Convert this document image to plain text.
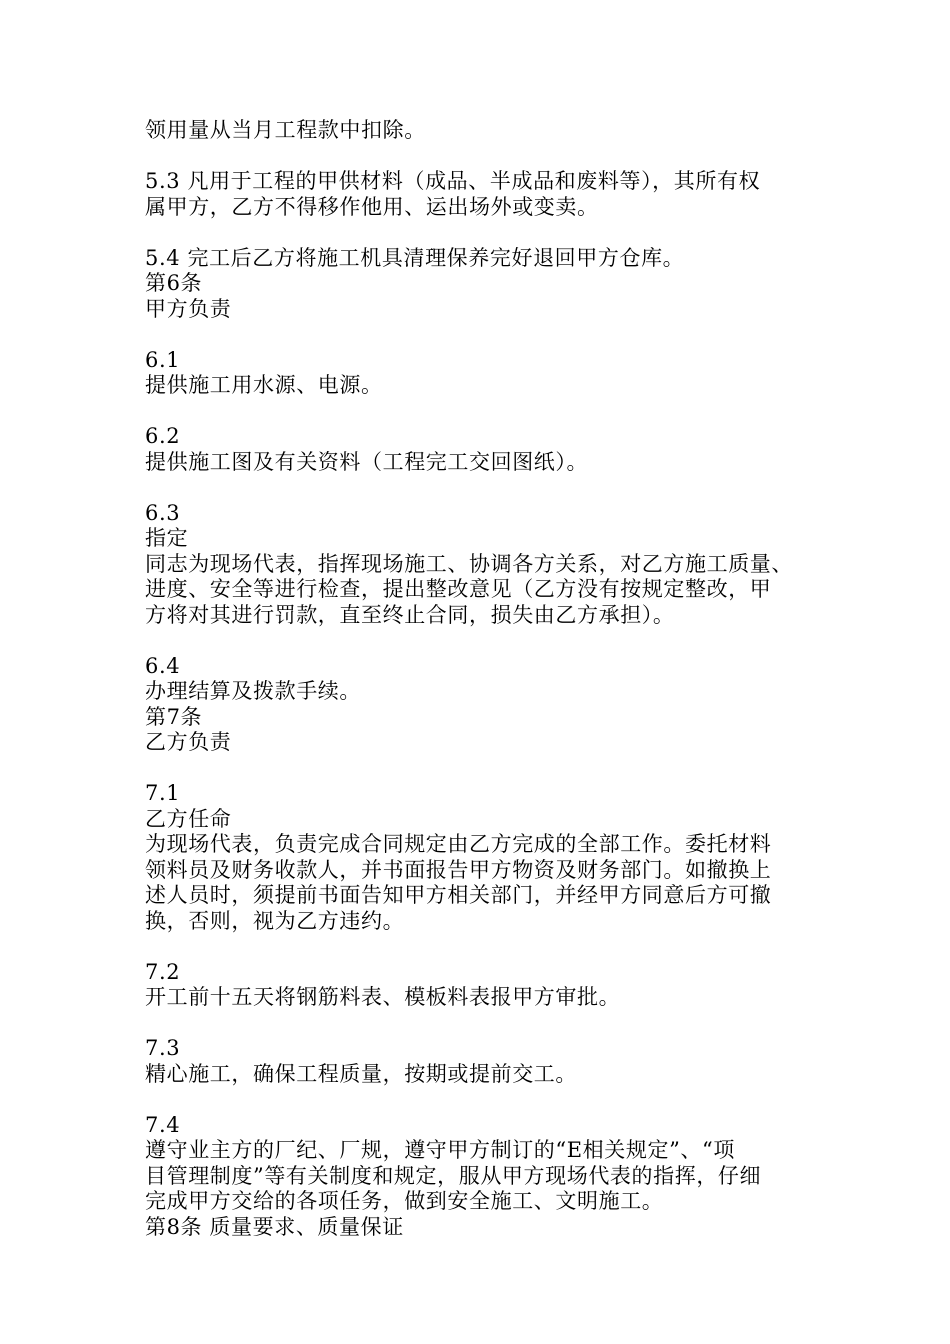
领用量从当月工程款中扣除。
5.3 凡用于工程的甲供材料（成品、半成品和废料等），其所有权
属甲方，乙方不得移作他用、运出场外或变卖。
5.4 完工后乙方将施工机具清理保养完好退回甲方仓库。
第6条
甲方负责
6.1
提供施工用水源、电源。
6.2
提供施工图及有关资料（工程完工交回图纸）。
6.3
指定
同志为现场代表，指挥现场施工、协调各方关系，对乙方施工质量、
进度、安全等进行检查，提出整改意见（乙方没有按规定整改，甲
方将对其进行罚款，直至终止合同，损失由乙方承担）。
6.4
办理结算及拨款手续。
第7条
乙方负责
7.1
乙方任命
为现场代表，负责完成合同规定由乙方完成的全部工作。委托材料
领料员及财务收款人，并书面报告甲方物资及财务部门。如撤换上
述人员时，须提前书面告知甲方相关部门，并经甲方同意后方可撤
换，否则，视为乙方违约。
7.2
开工前十五天将钢筋料表、模板料表报甲方审批。
7.3
精心施工，确保工程质量，按期或提前交工。
7.4
遵守业主方的厂纪、厂规，遵守甲方制订的“E相关规定”、“项
目管理制度”等有关制度和规定，服从甲方现场代表的指挥，仔细
完成甲方交给的各项任务，做到安全施工、文明施工。
第8条 质量要求、质量保证
